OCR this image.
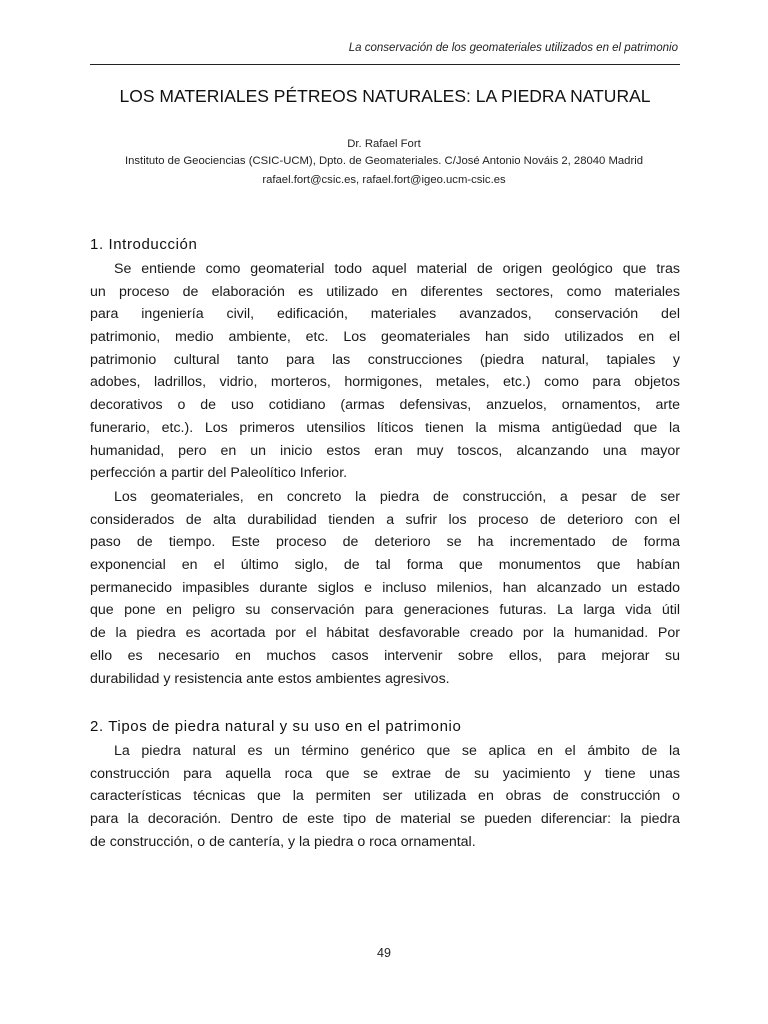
La conservación de los geomateriales utilizados en el patrimonio
LOS MATERIALES PÉTREOS NATURALES: LA PIEDRA NATURAL
Dr. Rafael Fort
Instituto de Geociencias (CSIC-UCM), Dpto. de Geomateriales. C/José Antonio Nováis 2, 28040 Madrid
rafael.fort@csic.es, rafael.fort@igeo.ucm-csic.es
1. Introducción
Se entiende como geomaterial todo aquel material de origen geológico que tras
un proceso de elaboración es utilizado en diferentes sectores, como materiales
para ingeniería civil, edificación, materiales avanzados, conservación del
patrimonio, medio ambiente, etc. Los geomateriales han sido utilizados en el
patrimonio cultural tanto para las construcciones (piedra natural, tapiales y
adobes, ladrillos, vidrio, morteros, hormigones, metales, etc.) como para objetos
decorativos o de uso cotidiano (armas defensivas, anzuelos, ornamentos, arte
funerario, etc.). Los primeros utensilios líticos tienen la misma antigüedad que la
humanidad, pero en un inicio estos eran muy toscos, alcanzando una mayor
perfección a partir del Paleolítico Inferior.
Los geomateriales, en concreto la piedra de construcción, a pesar de ser
considerados de alta durabilidad tienden a sufrir los proceso de deterioro con el
paso de tiempo. Este proceso de deterioro se ha incrementado de forma
exponencial en el último siglo, de tal forma que monumentos que habían
permanecido impasibles durante siglos e incluso milenios, han alcanzado un estado
que pone en peligro su conservación para generaciones futuras. La larga vida útil
de la piedra es acortada por el hábitat desfavorable creado por la humanidad. Por
ello es necesario en muchos casos intervenir sobre ellos, para mejorar su
durabilidad y resistencia ante estos ambientes agresivos.
2. Tipos de piedra natural y su uso en el patrimonio
La piedra natural es un término genérico que se aplica en el ámbito de la
construcción para aquella roca que se extrae de su yacimiento y tiene unas
características técnicas que la permiten ser utilizada en obras de construcción o
para la decoración. Dentro de este tipo de material se pueden diferenciar: la piedra
de construcción, o de cantería, y la piedra o roca ornamental.
49
